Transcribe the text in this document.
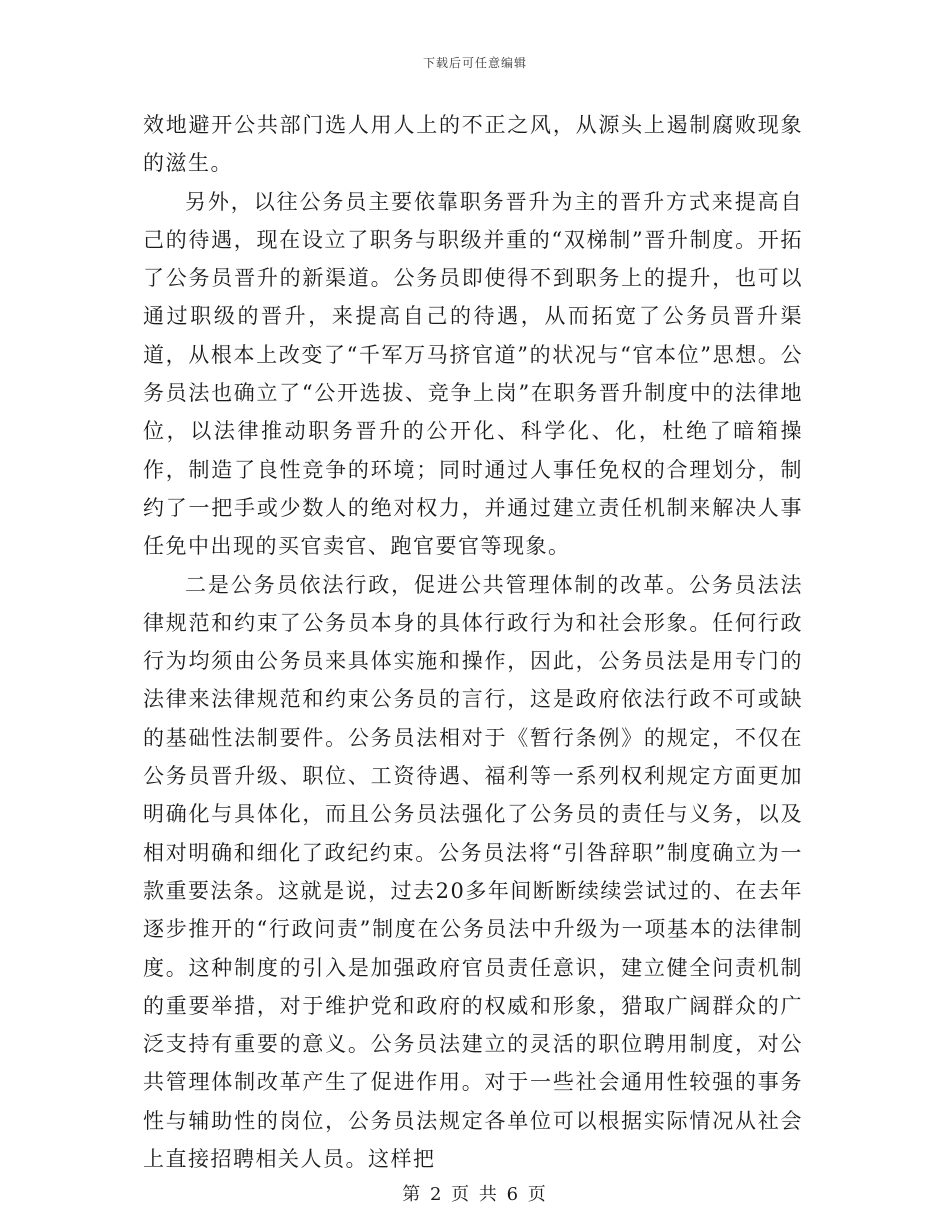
下载后可任意编辑

效地避开公共部门选人用人上的不正之风，从源头上遏制腐败现象的滋生。

另外，以往公务员主要依靠职务晋升为主的晋升方式来提高自己的待遇，现在设立了职务与职级并重的“双梯制”晋升制度。开拓了公务员晋升的新渠道。公务员即使得不到职务上的提升，也可以通过职级的晋升，来提高自己的待遇，从而拓宽了公务员晋升渠道，从根本上改变了“千军万马挤官道”的状况与“官本位”思想。公务员法也确立了“公开选拔、竞争上岗”在职务晋升制度中的法律地位，以法律推动职务晋升的公开化、科学化、化，杜绝了暗箱操作，制造了良性竞争的环境；同时通过人事任免权的合理划分，制约了一把手或少数人的绝对权力，并通过建立责任机制来解决人事任免中出现的买官卖官、跑官要官等现象。

二是公务员依法行政，促进公共管理体制的改革。公务员法法律规范和约束了公务员本身的具体行政行为和社会形象。任何行政行为均须由公务员来具体实施和操作，因此，公务员法是用专门的法律来法律规范和约束公务员的言行，这是政府依法行政不可或缺的基础性法制要件。公务员法相对于《暂行条例》的规定，不仅在公务员晋升级、职位、工资待遇、福利等一系列权利规定方面更加明确化与具体化，而且公务员法强化了公务员的责任与义务，以及相对明确和细化了政纪约束。公务员法将“引咎辞职”制度确立为一款重要法条。这就是说，过去20多年间断断续续尝试过的、在去年逐步推开的“行政问责”制度在公务员法中升级为一项基本的法律制度。这种制度的引入是加强政府官员责任意识，建立健全问责机制的重要举措，对于维护党和政府的权威和形象，猎取广阔群众的广泛支持有重要的意义。公务员法建立的灵活的职位聘用制度，对公共管理体制改革产生了促进作用。对于一些社会通用性较强的事务性与辅助性的岗位，公务员法规定各单位可以根据实际情况从社会上直接招聘相关人员。这样把

第 2 页 共 6 页
